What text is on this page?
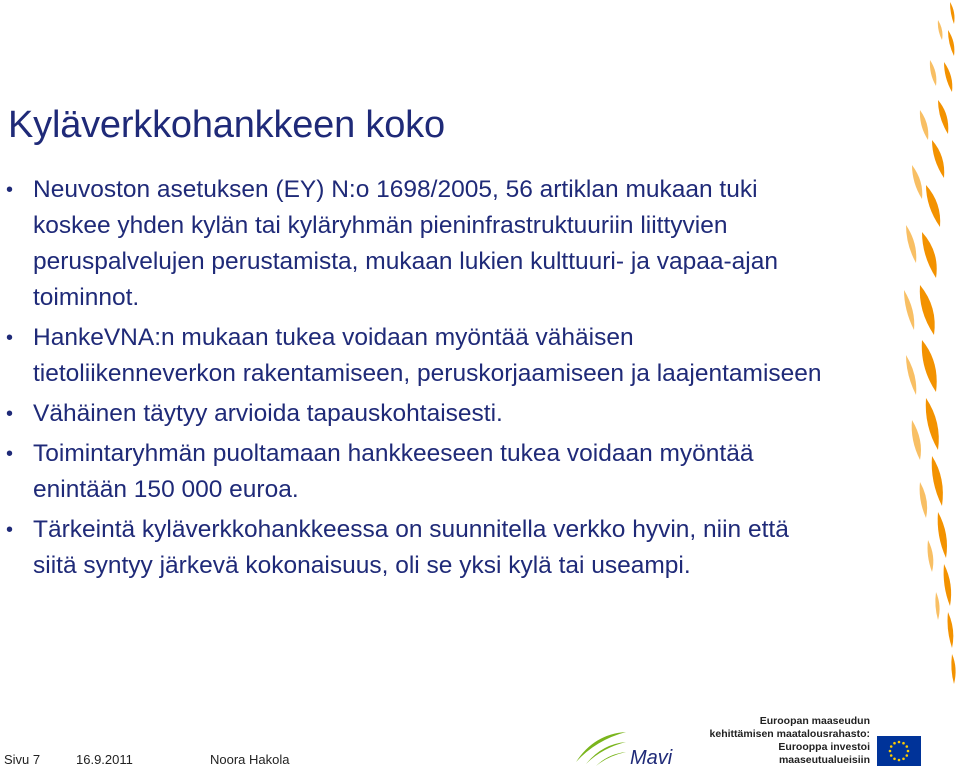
Kyläverkkohankkeen koko
• Neuvoston asetuksen (EY) N:o 1698/2005, 56 artiklan mukaan tuki koskee yhden kylän tai kyläryhmän pieninfrastruktuuriin liittyvien peruspalvelujen perustamista, mukaan lukien kulttuuri- ja vapaa-ajan toiminnot.
• HankeVNA:n mukaan tukea voidaan myöntää vähäisen tietoliikenneverkon rakentamiseen, peruskorjaamiseen ja laajentamiseen
• Vähäinen täytyy arvioida tapauskohtaisesti.
• Toimintaryhmän puoltamaan hankkeeseen tukea voidaan myöntää enintään 150 000 euroa.
• Tärkeintä kyläverkkohankkeessa on suunnitella verkko hyvin, niin että siitä syntyy järkevä kokonaisuus, oli se yksi kylä tai useampi.
Sivu 7	16.9.2011	Noora Hakola	Mavi
Euroopan maaseudun
kehittämisen maatalousrahasto:
Eurooppa investoi maaseutualueisiin
